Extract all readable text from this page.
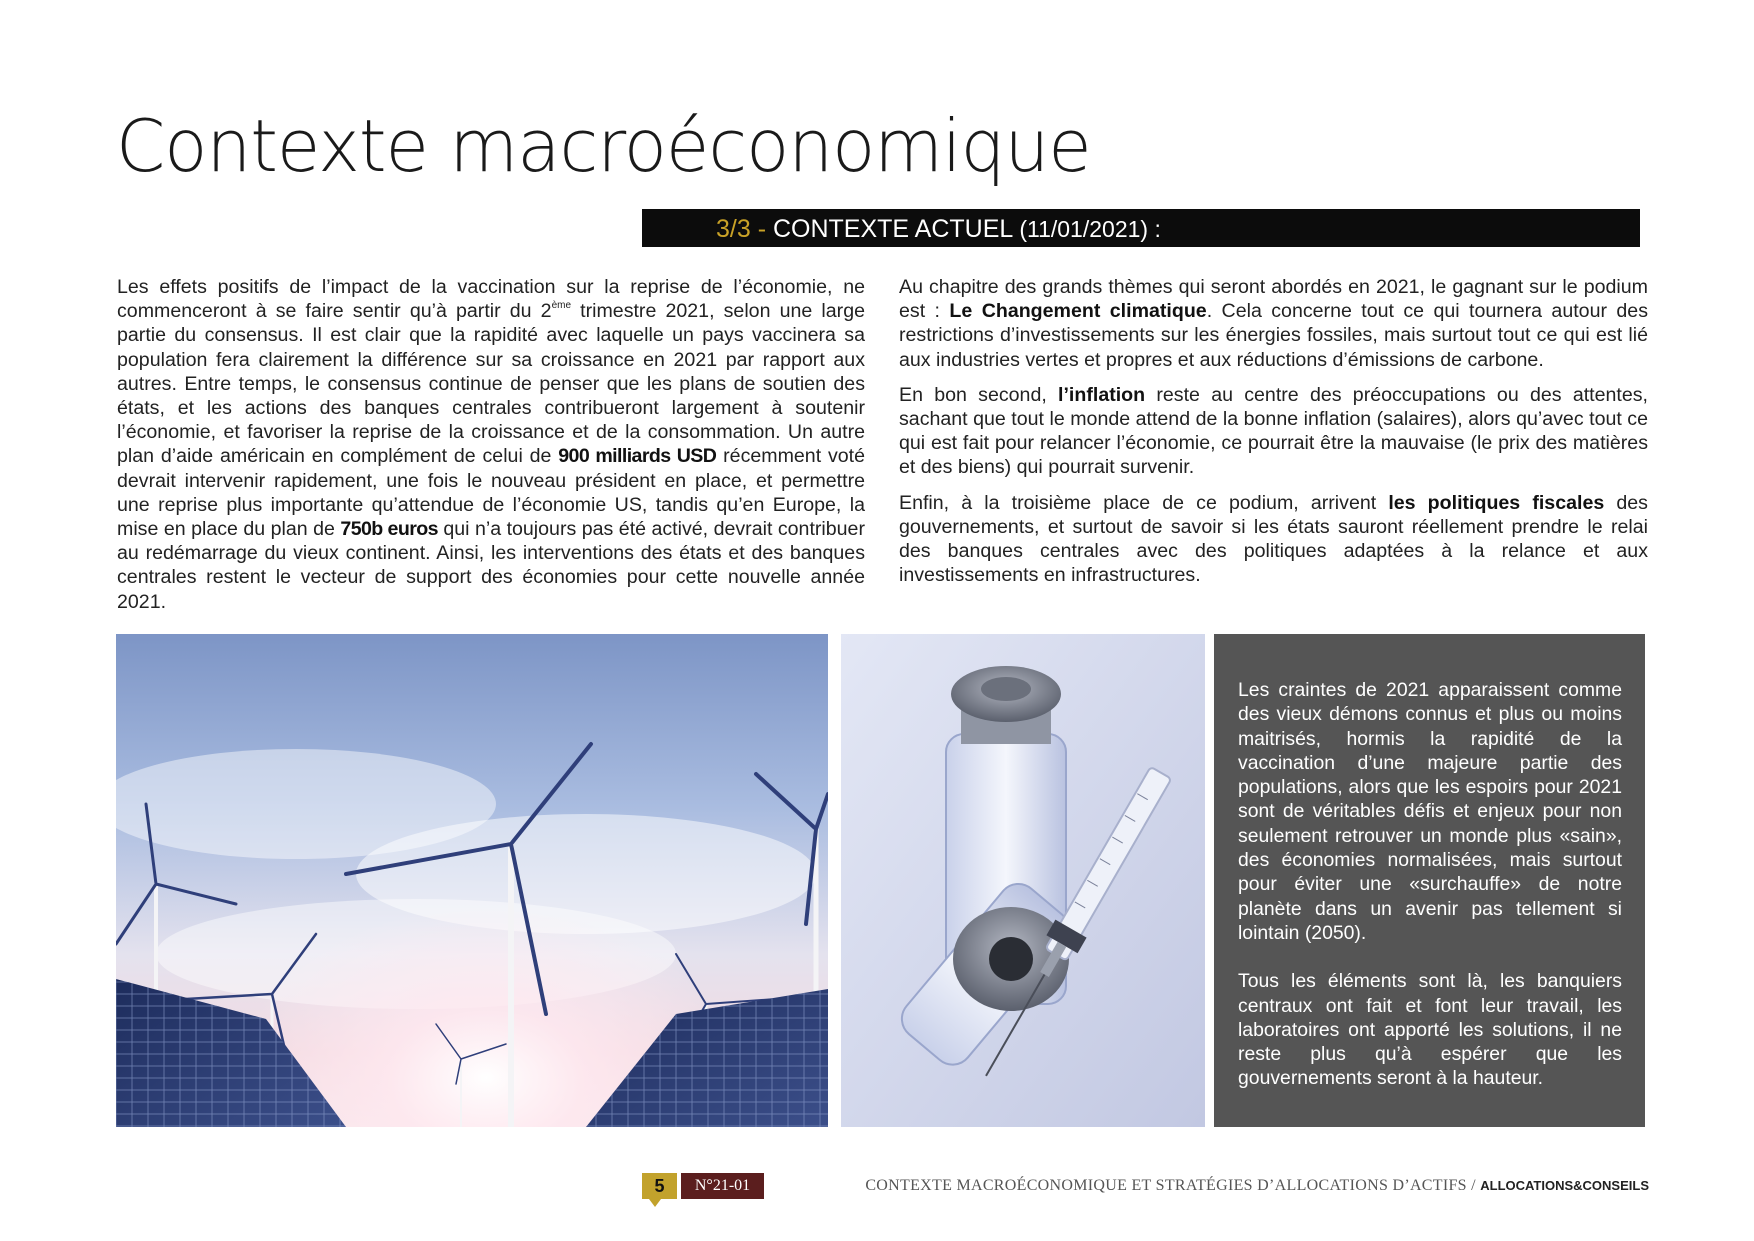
Contexte macroéconomique
3/3 - CONTEXTE ACTUEL (11/01/2021) :

Les effets positifs de l’impact de la vaccination sur la reprise de l’économie, ne commenceront à se faire sentir qu’à partir du 2ème trimestre 2021, selon une large partie du consensus. Il est clair que la rapidité avec laquelle un pays vaccinera sa population fera clairement la différence sur sa croissance en 2021 par rapport aux autres. Entre temps, le consensus continue de penser que les plans de soutien des états, et les actions des banques centrales contribueront largement à soutenir l’économie, et favoriser la reprise de la croissance et de la consommation. Un autre plan d’aide américain en complément de celui de 900 milliards USD récemment voté devrait intervenir rapidement, une fois le nouveau président en place, et permettre une reprise plus importante qu’attendue de l’économie US, tandis qu’en Europe, la mise en place du plan de 750b euros qui n’a toujours pas été activé, devrait contribuer au redémarrage du vieux continent. Ainsi, les interventions des états et des banques centrales restent le vecteur de support des économies pour cette nouvelle année 2021.

Au chapitre des grands thèmes qui seront abordés en 2021, le gagnant sur le podium est : Le Changement climatique. Cela concerne tout ce qui tournera autour des restrictions d’investissements sur les énergies fossiles, mais surtout tout ce qui est lié aux industries vertes et propres et aux réductions d’émissions de carbone.

En bon second, l’inflation reste au centre des préoccupations ou des attentes, sachant que tout le monde attend de la bonne inflation (salaires), alors qu’avec tout ce qui est fait pour relancer l’économie, ce pourrait être la mauvaise (le prix des matières et des biens) qui pourrait survenir.

Enfin, à la troisième place de ce podium, arrivent les politiques fiscales des gouvernements, et surtout de savoir si les états sauront réellement prendre le relai des banques centrales avec des politiques adaptées à la relance et aux investissements en infrastructures.

Les craintes de 2021 apparaissent comme des vieux démons connus et plus ou moins maitrisés, hormis la rapidité de la vaccination d’une majeure partie des populations, alors que les espoirs pour 2021 sont de véritables défis et enjeux pour non seulement retrouver un monde plus «sain», des économies normalisées, mais surtout pour éviter une «surchauffe» de notre planète dans un avenir pas tellement si lointain (2050).

Tous les éléments sont là, les banquiers centraux ont fait et font leur travail, les laboratoires ont apporté les solutions, il ne reste plus qu’à espérer que les gouvernements seront à la hauteur.

5	N°21-01	CONTEXTE MACROÉCONOMIQUE ET STRATÉGIES D’ALLOCATIONS D’ACTIFS / ALLOCATIONS&CONSEILS
